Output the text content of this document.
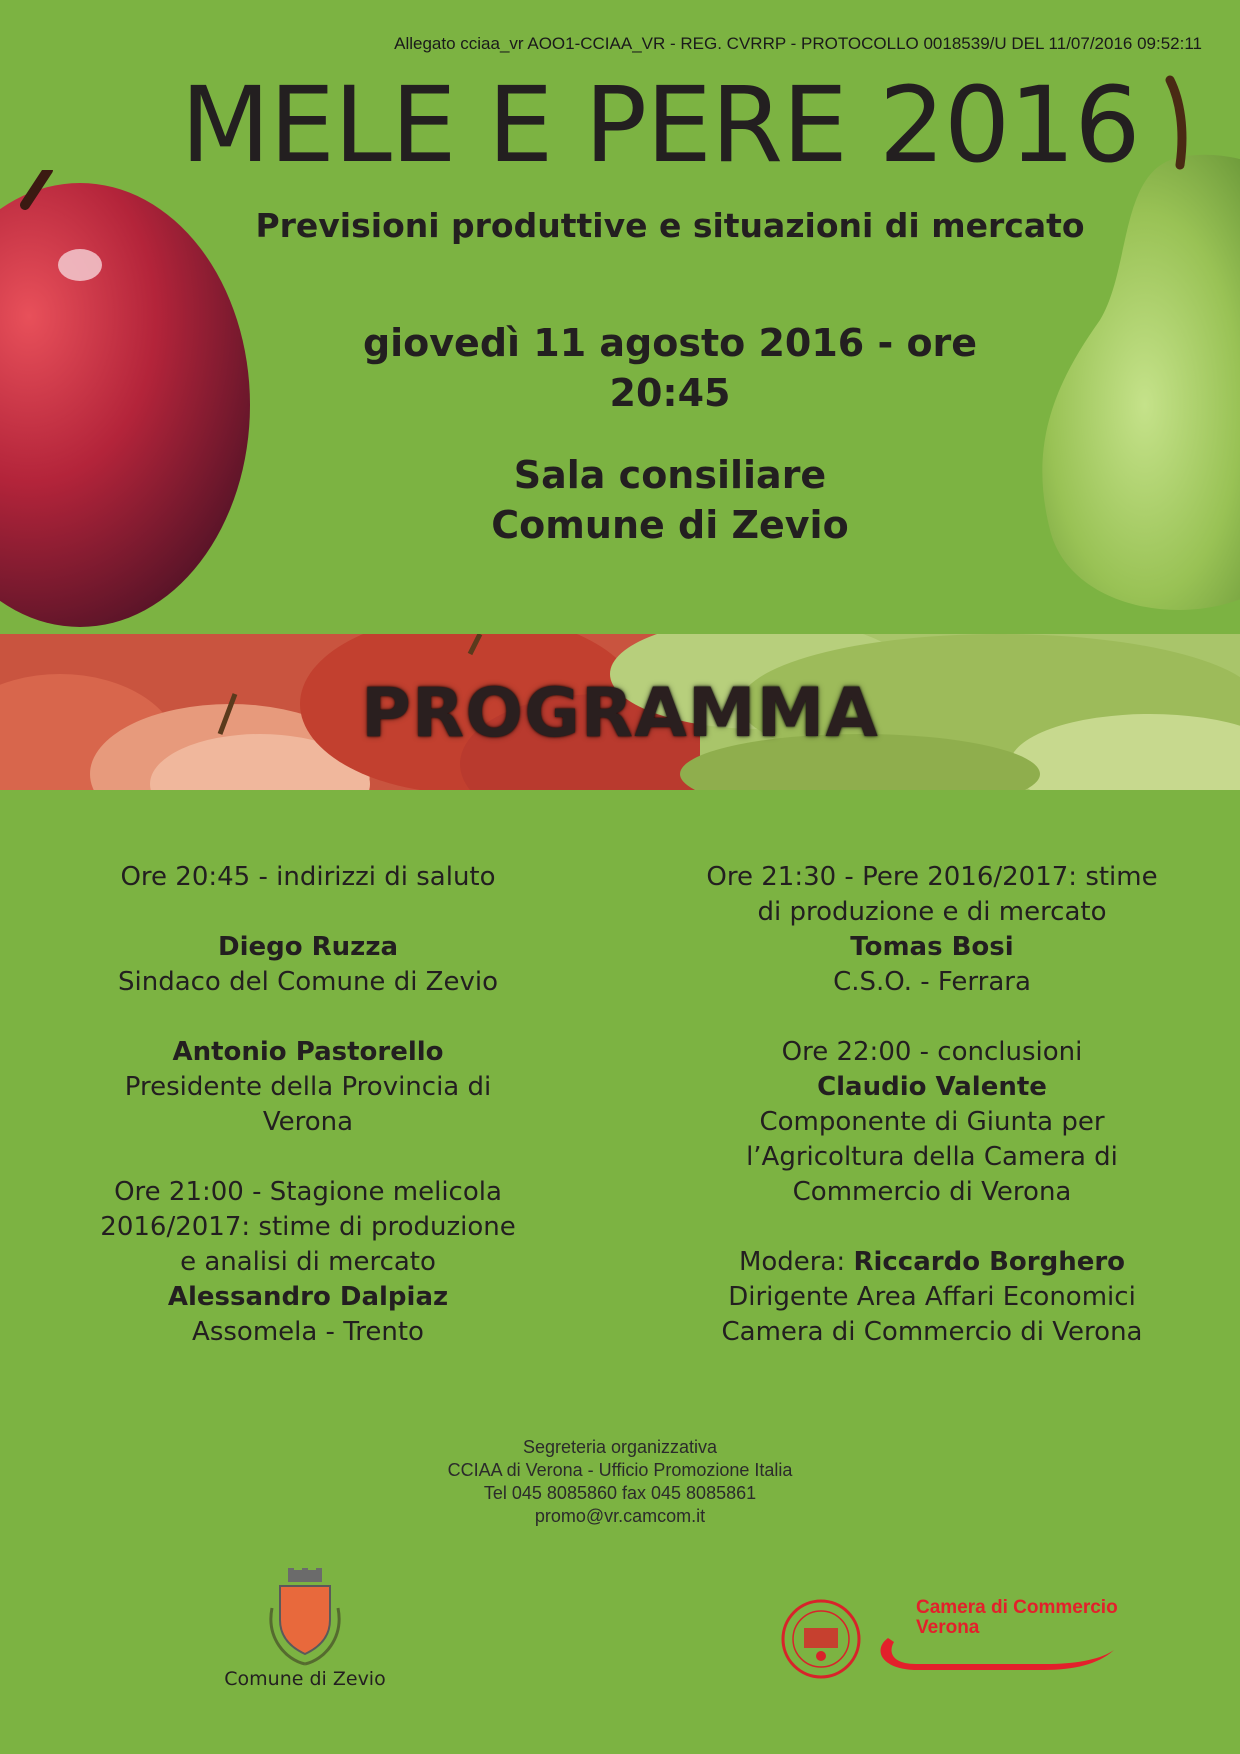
Allegato cciaa_vr AOO1-CCIAA_VR - REG. CVRRP - PROTOCOLLO 0018539/U DEL 11/07/2016 09:52:11
MELE E PERE 2016
Previsioni produttive e situazioni di mercato
giovedì 11 agosto 2016 - ore
20:45
Sala consiliare
Comune di Zevio
PROGRAMMA

Ore 20:45 - indirizzi di saluto

Diego Ruzza

Sindaco del Comune di Zevio

Antonio Pastorello

Presidente della Provincia di

Verona

Ore 21:00 - Stagione melicola

2016/2017: stime di produzione

e analisi di mercato

Alessandro Dalpiaz

Assomela - Trento

Ore 21:30 - Pere 2016/2017: stime

di produzione e di mercato

Tomas Bosi

C.S.O. - Ferrara

Ore 22:00 - conclusioni

Claudio Valente

Componente di Giunta per

l’Agricoltura della Camera di

Commercio di Verona

Modera: Riccardo Borghero

Dirigente Area Affari Economici

Camera di Commercio di Verona

Segreteria organizzativa

CCIAA di Verona - Ufficio Promozione Italia

Tel 045 8085860 fax 045 8085861

promo@vr.camcom.it

Comune di Zevio
Camera di Commercio
Verona
